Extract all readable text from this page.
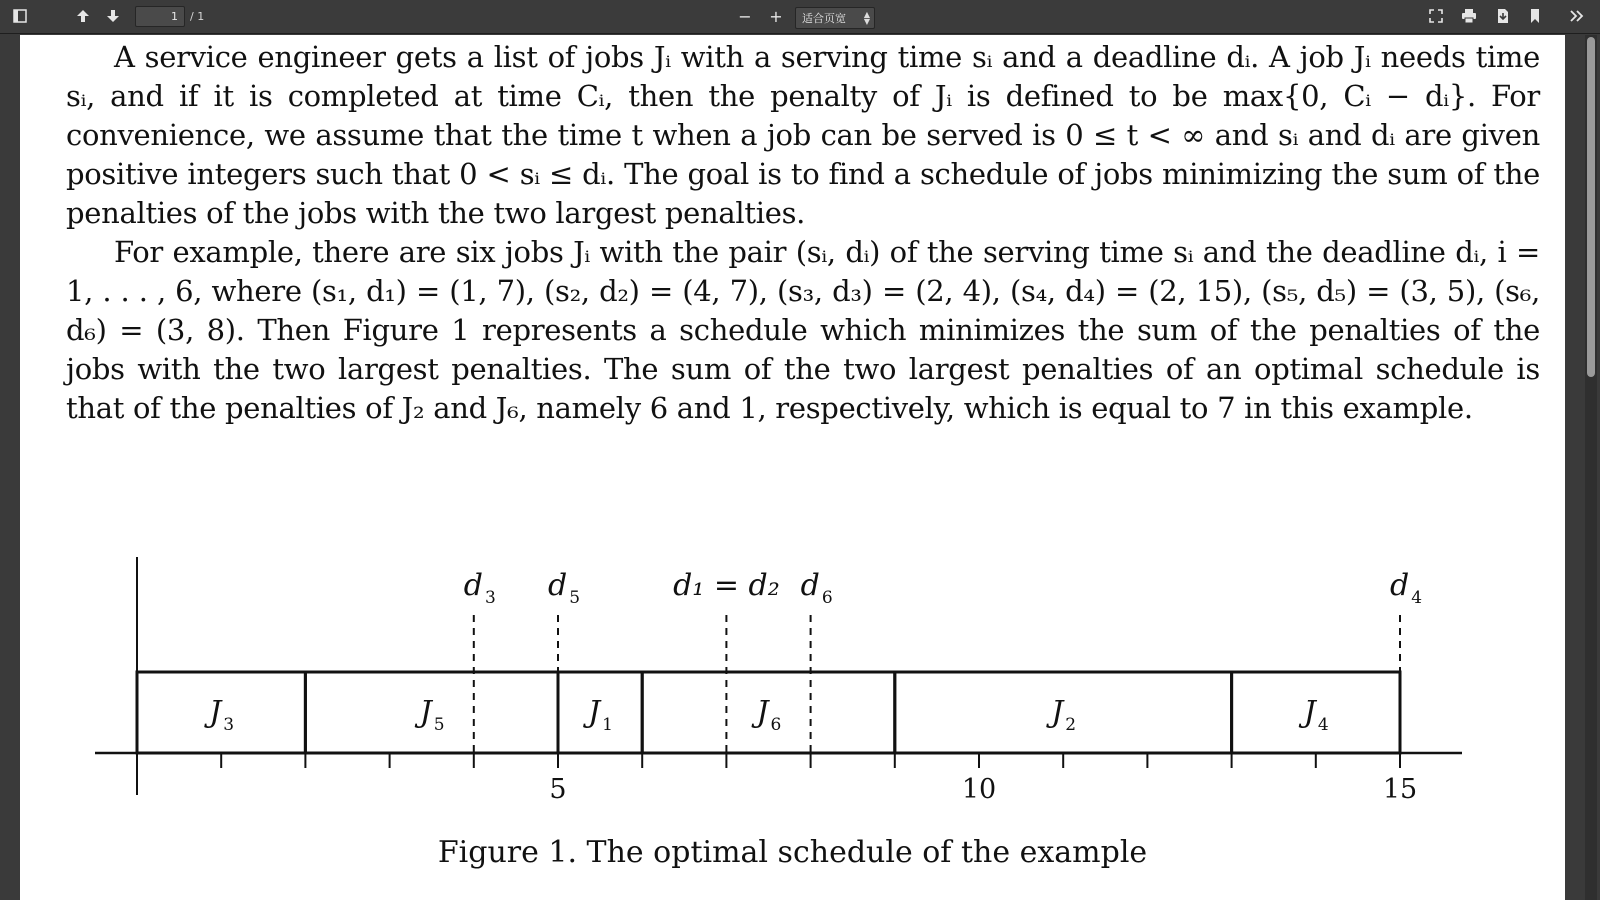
1
/ 1	− + 适合页宽 ▲
▼

A service engineer gets a list of jobs Jᵢ with a serving time sᵢ and a deadline dᵢ. A job Jᵢ needs time sᵢ, and if it is completed at time Cᵢ, then the penalty of Jᵢ is defined to be max{0, Cᵢ − dᵢ}. For convenience, we assume that the time t when a job can be served is 0 ≤ t < ∞ and sᵢ and dᵢ are given positive integers such that 0 < sᵢ ≤ dᵢ. The goal is to find a schedule of jobs minimizing the sum of the penalties of the jobs with the two largest penalties.

For example, there are six jobs Jᵢ with the pair (sᵢ, dᵢ) of the serving time sᵢ and the deadline dᵢ, i = 1, . . . , 6, where (s₁, d₁) = (1, 7), (s₂, d₂) = (4, 7), (s₃, d₃) = (2, 4), (s₄, d₄) = (2, 15), (s₅, d₅) = (3, 5), (s₆, d₆) = (3, 8). Then Figure 1 represents a schedule which minimizes the sum of the penalties of the jobs with the two largest penalties. The sum of the two largest penalties of an optimal schedule is that of the penalties of J₂ and J₆, namely 6 and 1, respectively, which is equal to 7 in this example.

5	10	15
J $_3$	J $_5$	J $_1$	J $_6$	J $_2$	J $_4$
d $_3$ d $_5$	d₁ = d₂ d $_6$	d $_4$
Figure 1. The optimal schedule of the example
